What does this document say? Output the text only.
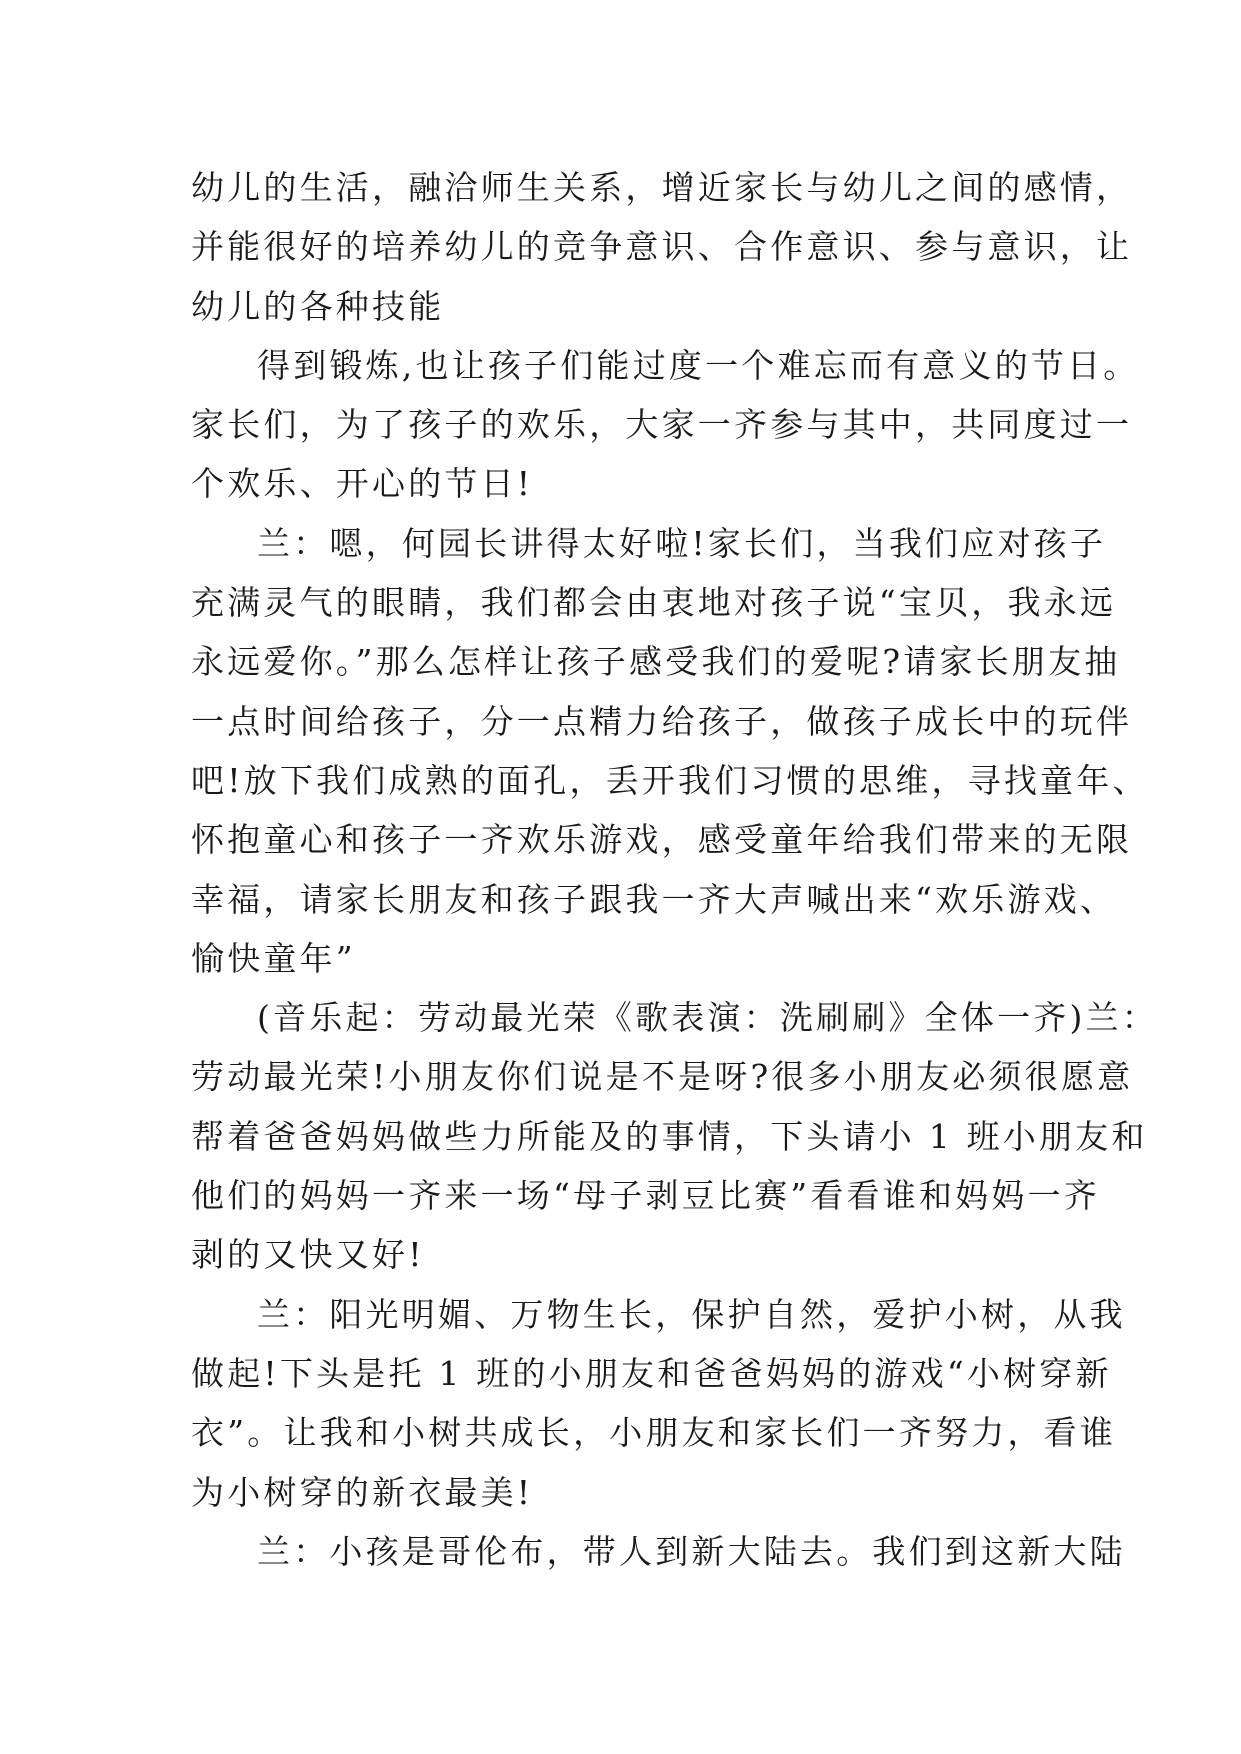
幼儿的生活，融洽师生关系，增近家长与幼儿之间的感情，
并能很好的培养幼儿的竞争意识、合作意识、参与意识，让
幼儿的各种技能

得到锻炼,也让孩子们能过度一个难忘而有意义的节日。
家长们，为了孩子的欢乐，大家一齐参与其中，共同度过一
个欢乐、开心的节日!

兰：嗯，何园长讲得太好啦!家长们，当我们应对孩子
充满灵气的眼睛，我们都会由衷地对孩子说“宝贝，我永远
永远爱你。”那么怎样让孩子感受我们的爱呢?请家长朋友抽
一点时间给孩子，分一点精力给孩子，做孩子成长中的玩伴
吧!放下我们成熟的面孔，丢开我们习惯的思维，寻找童年、
怀抱童心和孩子一齐欢乐游戏，感受童年给我们带来的无限
幸福，请家长朋友和孩子跟我一齐大声喊出来“欢乐游戏、
愉快童年”

(音乐起：劳动最光荣《歌表演：洗刷刷》全体一齐)兰：
劳动最光荣!小朋友你们说是不是呀?很多小朋友必须很愿意
帮着爸爸妈妈做些力所能及的事情，下头请小 1 班小朋友和
他们的妈妈一齐来一场“母子剥豆比赛”看看谁和妈妈一齐
剥的又快又好!

兰：阳光明媚、万物生长，保护自然，爱护小树，从我
做起!下头是托 1 班的小朋友和爸爸妈妈的游戏“小树穿新
衣”。让我和小树共成长，小朋友和家长们一齐努力，看谁
为小树穿的新衣最美!

兰：小孩是哥伦布，带人到新大陆去。我们到这新大陆
